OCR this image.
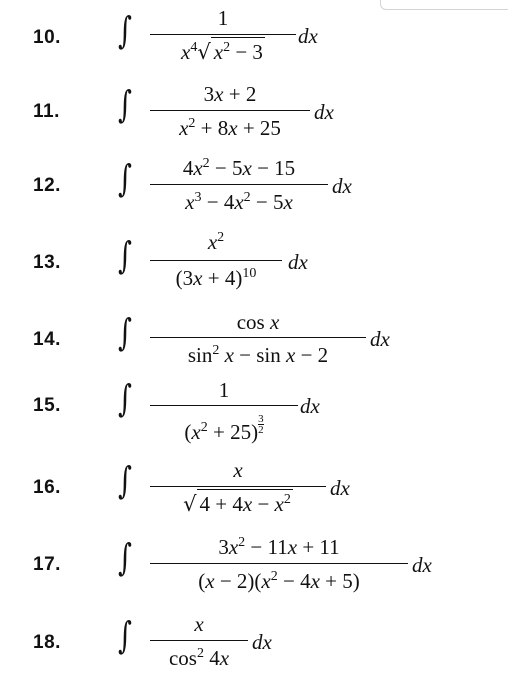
10. ∫	1
$x^4√$ $x^2 - 3$
dx
11. ∫	3x + 2
$x^2 + 8x + 25$
dx
12. ∫	$4x^2 - 5x - 15$
$x^3 - 4x^2 - 5x$
dx
13. ∫	$x^2$
$(3x + 4)^{10}$	dx
14. ∫	cos x
$\sin^2 x - \sin x - 2$
dx
15. ∫	1
$(x^2 + 25) \frac{3}{2}$
dx
16. ∫	x
√ $4 + 4x - x^2$	dx
17. ∫	$3x^2 - 11x + 11$
$(x - 2)(x^2 - 4x + 5)$
dx
18. ∫	x
$\cos^2 4x$
dx
